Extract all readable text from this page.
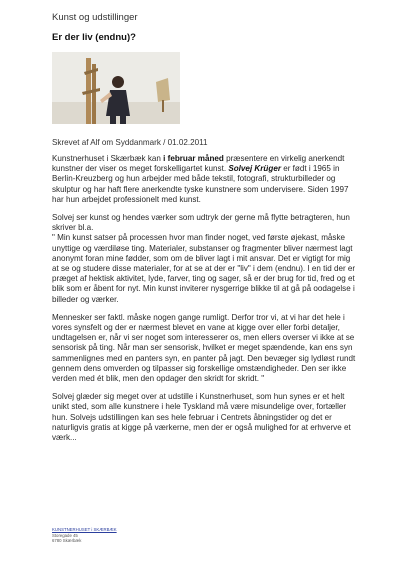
Kunst og udstillinger
Er der liv (endnu)?
Skrevet af Alf om Syddanmark / 01.02.2011

Kunstnerhuset i Skærbæk kan i februar måned præsentere en virkelig anerkendt kunstner der viser os meget forskelligartet kunst. Solvej Krüger er født i 1965 in Berlin-Kreuzberg og hun arbejder med både tekstil, fotografi, strukturbilleder og skulptur og har haft flere anerkendte tyske kunstnere som undervisere. Siden 1997 har hun arbejdet professionelt med kunst.

Solvej ser kunst og hendes værker som udtryk der gerne må flytte betragteren, hun skriver bl.a.
" Min kunst satser på processen hvor man finder noget, ved første øjekast, måske unyttige og værdiløse ting. Materialer, substanser og fragmenter bliver nærmest lagt anonymt foran mine fødder, som om de bliver lagt i mit ansvar. Det er vigtigt for mig at se og studere disse materialer, for at se at der er "liv" i dem (endnu). I en tid der er præget af hektisk aktivitet, lyde, farver, ting og sager, så er der brug for tid, fred og et blik som er åbent for nyt. Min kunst inviterer nysgerrige blikke til at gå på oodagelse i billeder og værker.

Mennesker ser faktl. måske nogen gange rumligt. Derfor tror vi, at vi har det hele i vores synsfelt og der er nærmest blevet en vane at kigge over eller forbi detaljer, undtagelsen er, når vi ser noget som interesserer os, men ellers overser vi ikke at se sensorisk på ting. Når man ser sensorisk, hvilket er meget spændende, kan ens syn sammenlignes med en panters syn, en panter på jagt. Den bevæger sig lydløst rundt gennem dens omverden og tilpasser sig forskellige omstændigheder. Den ser ikke verden med ét blik, men den opdager den skridt for skridt. "

Solvej glæder sig meget over at udstille i Kunstnerhuset, som hun synes er et helt unikt sted, som alle kunstnere i hele Tyskland må være misundelige over, fortæller hun. Solvejs udstillingen kan ses hele februar i Centrets åbningstider og det er naturligvis gratis at kigge på værkerne, men der er også mulighed for at erhverve et værk...

KUNSTNERHUSET i SKÆRBÆK
Storegade 45
6780 Skærbæk
